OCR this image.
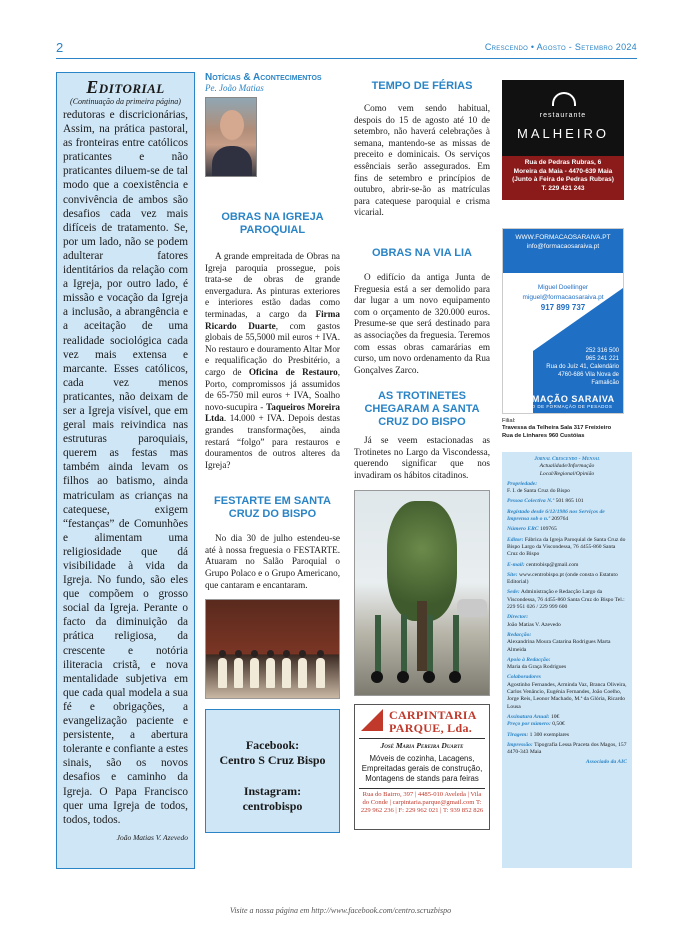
2	Crescendo • Agosto - Setembro 2024
Editorial
(Continuação da primeira página)
redutoras e discricionárias, Assim, na prática pastoral, as fronteiras entre católicos praticantes e não praticantes diluem-se de tal modo que a coexistência e convivência de ambos são desafios cada vez mais difíceis de tratamento. Se, por um lado, não se podem adulterar fatores identitários da relação com a Igreja, por outro lado, é missão e vocação da Igreja a inclusão, a abrangência e a aceitação de uma realidade sociológica cada vez mais extensa e marcante. Esses católicos, cada vez menos praticantes, não deixam de ser a Igreja visível, que em geral mais reivindica nas estruturas paroquiais, querem as festas mas também ainda levam os filhos ao batismo, ainda matriculam as crianças na catequese, exigem “festanças” de Comunhões e alimentam uma religiosidade que dá visibilidade à vida da Igreja. No fundo, são eles que compõem o grosso social da Igreja. Perante o facto da diminuição da prática religiosa, da crescente e notória iliteracia cristã, e nova mentalidade subjetiva em que cada qual modela a sua fé e obrigações, a evangelização paciente e persistente, a abertura tolerante e confiante a estes sinais, são os novos desafios e caminho da Igreja. O Papa Francisco quer uma Igreja de todos, todos, todos.
João Matias V. Azevedo
Notícias & Acontecimentos
Pe. João Matias
OBRAS NA IGREJA PAROQUIAL
A grande empreitada de Obras na Igreja paroquia prossegue, pois trata-se de obras de grande envergadura. As pinturas exteriores e interiores estão dadas como terminadas, a cargo da Firma Ricardo Duarte, com gastos globais de 55,5000 mil euros + IVA. No restauro e douramento Altar Mor e requalificação do Presbitério, a cargo de Oficina de Restauro, Porto, compromissos já assumidos de 65-750 mil euros + IVA, Soalho novo-sucupira - Taqueiros Moreira Ltda. 14.000 + IVA. Depois destas grandes transformações, ainda restará “folgo” para restauros e douramentos de outros alteres da Igreja?
FESTARTE EM SANTA CRUZ DO BISPO
No dia 30 de julho estendeu-se até à nossa freguesia o FESTARTE. Atuaram no Salão Paroquial o Grupo Polaco e o Grupo Americano, que cantaram e encantaram.
Facebook:
Centro S Cruz Bispo
Instagram:
centrobispo
TEMPO DE FÉRIAS
Como vem sendo habitual, despois do 15 de agosto até 10 de setembro, não haverá celebrações à semana, mantendo-se as missas de preceito e dominicais. Os serviços essênciais serão assegurados. Em fins de setembro e princípios de outubro, abrir-se-ão as matrículas para catequese paroquial e crisma vicarial.
OBRAS NA VIA LIA
O edifício da antiga Junta de Freguesia está a ser demolido para dar lugar a um novo equipamento com o orçamento de 320.000 euros. Presume-se que será destinado para as associações da freguesia. Teremos com essas obras camarárias em curso, um novo ordenamento da Rua Gonçalves Zarco.
AS TROTINETES CHEGARAM A SANTA CRUZ DO BISPO
Já se veem estacionadas as Trotinetes no Largo da Viscondessa, querendo significar que nos invadiram os hábitos citadinos.
CARPINTARIA
PARQUE, Lda.
José Maria Pereira Duarte
Móveis de cozinha, Lacagens, Empreitadas gerais de construção, Montagens de stands para feiras
Rua do Bairro, 397 | 4485-010 Aveleda | Vila do Conde | carpintaria.parque@gmail.com T: 229 962 236 | F: 229 962 021 | T: 939 852 826
restaurante
MALHEIRO
Rua de Pedras Rubras, 6
Moreira da Maia - 4470-639 Maia
(Junto à Feira de Pedras Rubras)
T. 229 421 243
WWW.FORMACAOSARAIVA.PT
info@formacaosaraiva.pt
Miguel Doellinger
miguel@formacaosaraiva.pt
917 899 737
252 316 500
965 241 221
Rua do Juíz 41, Calendário 4760-686 Vila Nova de Famalicão
FORMAÇÃO SARAIVA
CENTRO DE FORMAÇÃO DE PESADOS
Filial:
Travessa da Telheira Sala 317 Freixieiro
Rua de Linhares 960 Custóias

Jornal Crescendo - Mensal
Actualidade/Informação
Local/Regional/Opinião

Propriedade:
F. I. de Santa Cruz do Bispo

Pessoa Colectiva N.º 501 865 101

Registado desde 6/12/1986 nos Serviços de Imprensa sob o n.º 209764

Número ERC 109765

Editor: Fábrica da Igreja Paroquial de Santa Cruz do Bispo Largo da Viscondessa, 76 4455-860 Santa Cruz do Bispo

E-mail: centrobisp@gmail.com

Site: www.centrobispo.pt (onde consta o Estatuto Editorial)

Sede: Administração e Redacção Largo da Viscondessa, 76 4455-860 Santa Cruz do Bispo Tel.: 229 951 026 / 229 999 600

Director:
João Matias V. Azevedo

Redacção:
Alexandrina Moura Catarina Rodrigues Marta Almeida

Apoio à Redacção:
Maria da Graça Rodrigues

Colaboradores
Agostinho Fernandes, Arminda Vaz, Branca Oliveira, Carlos Venâncio, Eugénia Fernandes, João Coelho, Jorge Reis, Leonor Machado, M.ª da Glória, Ricardo Lousa

Assinatura Anual: 10€
Preço por número: 0,50€

Tiragem: 1 300 exemplares

Impressão: Tipografia Lessa Praceta dos Magos, 157 4470-343 Maia

Associado da AIC

Visite a nossa página em http://www.facebook.com/centro.scruzbispo
